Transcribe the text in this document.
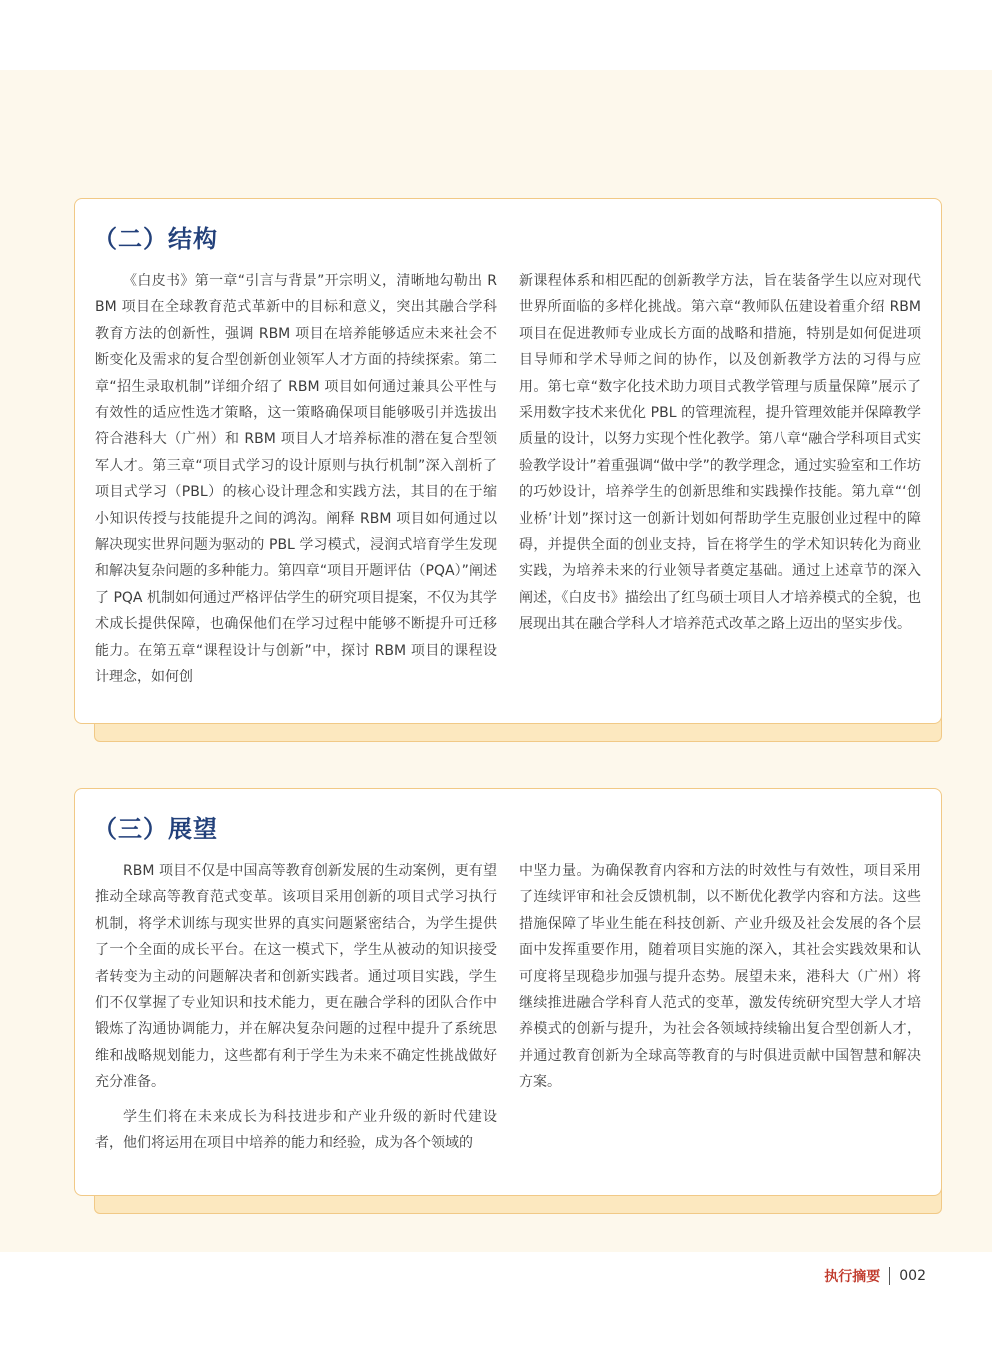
（二）结构

《白皮书》第一章“引言与背景”开宗明义，清晰地勾勒出 RBM 项目在全球教育范式革新中的目标和意义，突出其融合学科教育方法的创新性，强调 RBM 项目在培养能够适应未来社会不断变化及需求的复合型创新创业领军人才方面的持续探索。第二章“招生录取机制”详细介绍了 RBM 项目如何通过兼具公平性与有效性的适应性选才策略，这一策略确保项目能够吸引并选拔出符合港科大（广州）和 RBM 项目人才培养标准的潜在复合型领军人才。第三章“项目式学习的设计原则与执行机制”深入剖析了项目式学习（PBL）的核心设计理念和实践方法，其目的在于缩小知识传授与技能提升之间的鸿沟。阐释 RBM 项目如何通过以解决现实世界问题为驱动的 PBL 学习模式，浸润式培育学生发现和解决复杂问题的多种能力。第四章“项目开题评估（PQA）”阐述了 PQA 机制如何通过严格评估学生的研究项目提案，不仅为其学术成长提供保障，也确保他们在学习过程中能够不断提升可迁移能力。在第五章“课程设计与创新”中，探讨 RBM 项目的课程设计理念，如何创

新课程体系和相匹配的创新教学方法，旨在装备学生以应对现代世界所面临的多样化挑战。第六章“教师队伍建设着重介绍 RBM 项目在促进教师专业成长方面的战略和措施，特别是如何促进项目导师和学术导师之间的协作，以及创新教学方法的习得与应用。第七章“数字化技术助力项目式教学管理与质量保障”展示了采用数字技术来优化 PBL 的管理流程，提升管理效能并保障教学质量的设计，以努力实现个性化教学。第八章“融合学科项目式实验教学设计”着重强调“做中学”的教学理念，通过实验室和工作坊的巧妙设计，培养学生的创新思维和实践操作技能。第九章“‘创业桥’计划”探讨这一创新计划如何帮助学生克服创业过程中的障碍，并提供全面的创业支持，旨在将学生的学术知识转化为商业实践，为培养未来的行业领导者奠定基础。通过上述章节的深入阐述，《白皮书》描绘出了红鸟硕士项目人才培养模式的全貌，也展现出其在融合学科人才培养范式改革之路上迈出的坚实步伐。

（三）展望

RBM 项目不仅是中国高等教育创新发展的生动案例，更有望推动全球高等教育范式变革。该项目采用创新的项目式学习执行机制，将学术训练与现实世界的真实问题紧密结合，为学生提供了一个全面的成长平台。在这一模式下，学生从被动的知识接受者转变为主动的问题解决者和创新实践者。通过项目实践，学生们不仅掌握了专业知识和技术能力，更在融合学科的团队合作中锻炼了沟通协调能力，并在解决复杂问题的过程中提升了系统思维和战略规划能力，这些都有利于学生为未来不确定性挑战做好充分准备。

学生们将在未来成长为科技进步和产业升级的新时代建设者，他们将运用在项目中培养的能力和经验，成为各个领域的

中坚力量。为确保教育内容和方法的时效性与有效性，项目采用了连续评审和社会反馈机制，以不断优化教学内容和方法。这些措施保障了毕业生能在科技创新、产业升级及社会发展的各个层面中发挥重要作用，随着项目实施的深入，其社会实践效果和认可度将呈现稳步加强与提升态势。展望未来，港科大（广州）将继续推进融合学科育人范式的变革，激发传统研究型大学人才培养模式的创新与提升，为社会各领域持续输出复合型创新人才，并通过教育创新为全球高等教育的与时俱进贡献中国智慧和解决方案。

执行摘要 002
